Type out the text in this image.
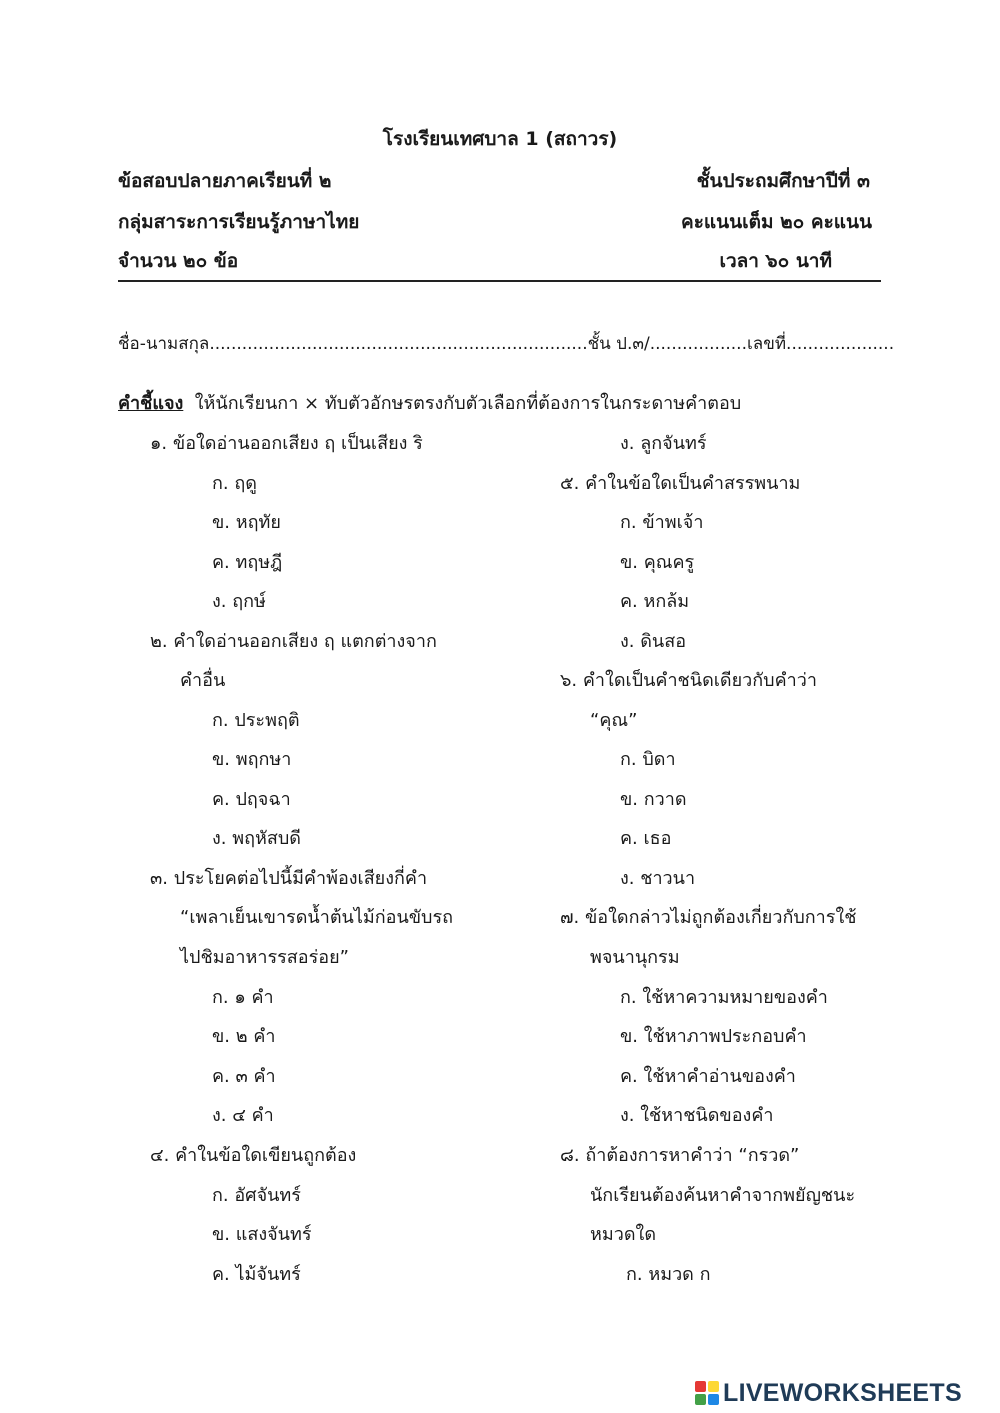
โรงเรียนเทศบาล 1 (สถาวร)
ข้อสอบปลายภาคเรียนที่ ๒	ชั้นประถมศึกษาปีที่ ๓
กลุ่มสาระการเรียนรู้ภาษาไทย	คะแนนเต็ม ๒๐ คะแนน
จำนวน ๒๐ ข้อ	เวลา ๖๐ นาที
ชื่อ-นามสกุล......................................................................ชั้น ป.๓/..................เลขที่....................
คำชี้แจง ให้นักเรียนกา × ทับตัวอักษรตรงกับตัวเลือกที่ต้องการในกระดาษคำตอบ
๑. ข้อใดอ่านออกเสียง ฤ เป็นเสียง ริ
ก. ฤดู
ข. หฤทัย
ค. ทฤษฎี
ง. ฤกษ์
๒. คำใดอ่านออกเสียง ฤ แตกต่างจาก
คำอื่น
ก. ประพฤติ
ข. พฤกษา
ค. ปฤจฉา
ง. พฤหัสบดี
๓. ประโยคต่อไปนี้มีคำพ้องเสียงกี่คำ
“เพลาเย็นเขารดน้ำต้นไม้ก่อนขับรถ
ไปชิมอาหารรสอร่อย”
ก. ๑ คำ
ข. ๒ คำ
ค. ๓ คำ
ง. ๔ คำ
๔. คำในข้อใดเขียนถูกต้อง
ก. อัศจันทร์
ข. แสงจันทร์
ค. ไม้จันทร์
ง. ลูกจันทร์
๕. คำในข้อใดเป็นคำสรรพนาม
ก. ข้าพเจ้า
ข. คุณครู
ค. หกล้ม
ง. ดินสอ
๖. คำใดเป็นคำชนิดเดียวกับคำว่า
“คุณ”
ก. บิดา
ข. กวาด
ค. เธอ
ง. ชาวนา
๗. ข้อใดกล่าวไม่ถูกต้องเกี่ยวกับการใช้
พจนานุกรม
ก. ใช้หาความหมายของคำ
ข. ใช้หาภาพประกอบคำ
ค. ใช้หาคำอ่านของคำ
ง. ใช้หาชนิดของคำ
๘. ถ้าต้องการหาคำว่า “กรวด”
นักเรียนต้องค้นหาคำจากพยัญชนะ
หมวดใด
ก. หมวด ก
LIVEWORKSHEETS
